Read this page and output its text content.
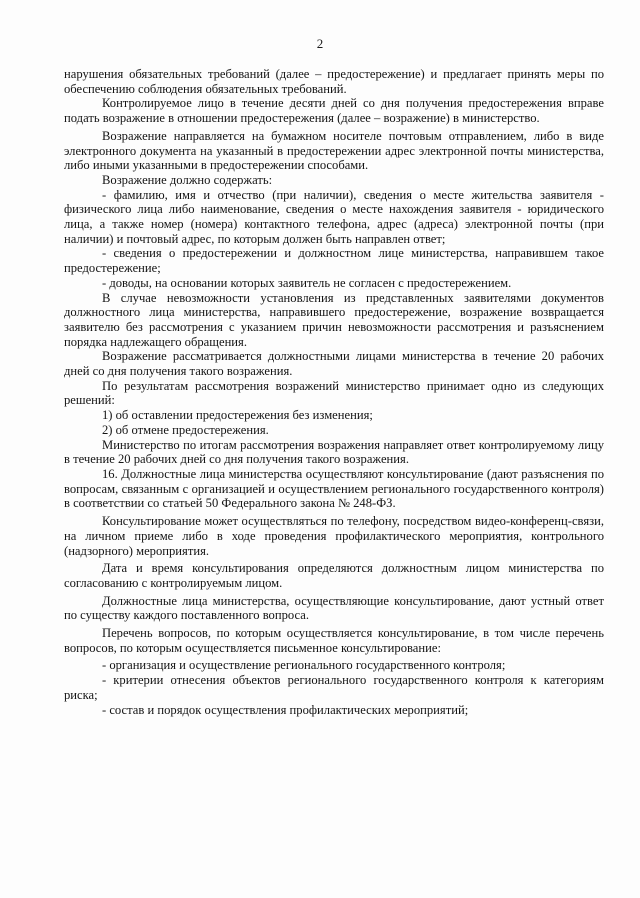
2

нарушения обязательных требований (далее – предостережение) и предлагает принять меры по обеспечению соблюдения обязательных требований.

Контролируемое лицо в течение десяти дней со дня получения предостережения вправе подать возражение в отношении предостережения (далее – возражение) в министерство.

Возражение направляется на бумажном носителе почтовым отправлением, либо в виде электронного документа на указанный в предостережении адрес электронной почты министерства, либо иными указанными в предостережении способами.

Возражение должно содержать:

- фамилию, имя и отчество (при наличии), сведения о месте жительства заявителя - физического лица либо наименование, сведения о месте нахождения заявителя - юридического лица, а также номер (номера) контактного телефона, адрес (адреса) электронной почты (при наличии) и почтовый адрес, по которым должен быть направлен ответ;

- сведения о предостережении и должностном лице министерства, направившем такое предостережение;

- доводы, на основании которых заявитель не согласен с предостережением.

В случае невозможности установления из представленных заявителями документов должностного лица министерства, направившего предостережение, возражение возвращается заявителю без рассмотрения с указанием причин невозможности рассмотрения и разъяснением порядка надлежащего обращения.

Возражение рассматривается должностными лицами министерства в течение 20 рабочих дней со дня получения такого возражения.

По результатам рассмотрения возражений министерство принимает одно из следующих решений:

1) об оставлении предостережения без изменения;

2) об отмене предостережения.

Министерство по итогам рассмотрения возражения направляет ответ контролируемому лицу в течение 20 рабочих дней со дня получения такого возражения.

16. Должностные лица министерства осуществляют консультирование (дают разъяснения по вопросам, связанным с организацией и осуществлением регионального государственного контроля) в соответствии со статьей 50 Федерального закона № 248-ФЗ.

Консультирование может осуществляться по телефону, посредством видео-конференц-связи, на личном приеме либо в ходе проведения профилактического мероприятия, контрольного (надзорного) мероприятия.

Дата и время консультирования определяются должностным лицом министерства по согласованию с контролируемым лицом.

Должностные лица министерства, осуществляющие консультирование, дают устный ответ по существу каждого поставленного вопроса.

Перечень вопросов, по которым осуществляется консультирование, в том числе перечень вопросов, по которым осуществляется письменное консультирование:

- организация и осуществление регионального государственного контроля;

- критерии отнесения объектов регионального государственного контроля к категориям риска;

- состав и порядок осуществления профилактических мероприятий;
